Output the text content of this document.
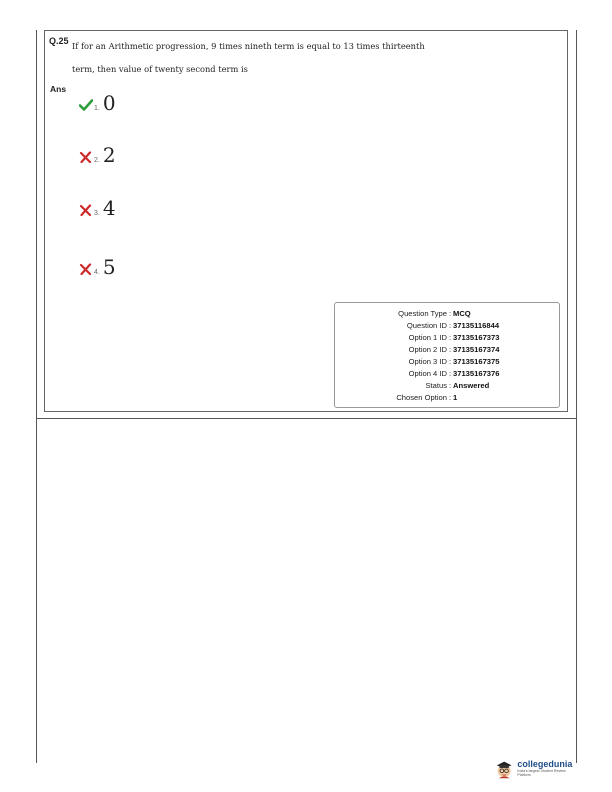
Q.25 If for an Arithmetic progression, 9 times nineth term is equal to 13 times thirteenth
term, then value of twenty second term is
Ans
1. 0
2. 2
3. 4
4. 5
Question Type : MCQ
Question ID : 37135116844
Option 1 ID : 37135167373
Option 2 ID : 37135167374
Option 3 ID : 37135167375
Option 4 ID : 37135167376
Status : Answered
Chosen Option : 1
collegedunia
India's largest Student Review Platform
